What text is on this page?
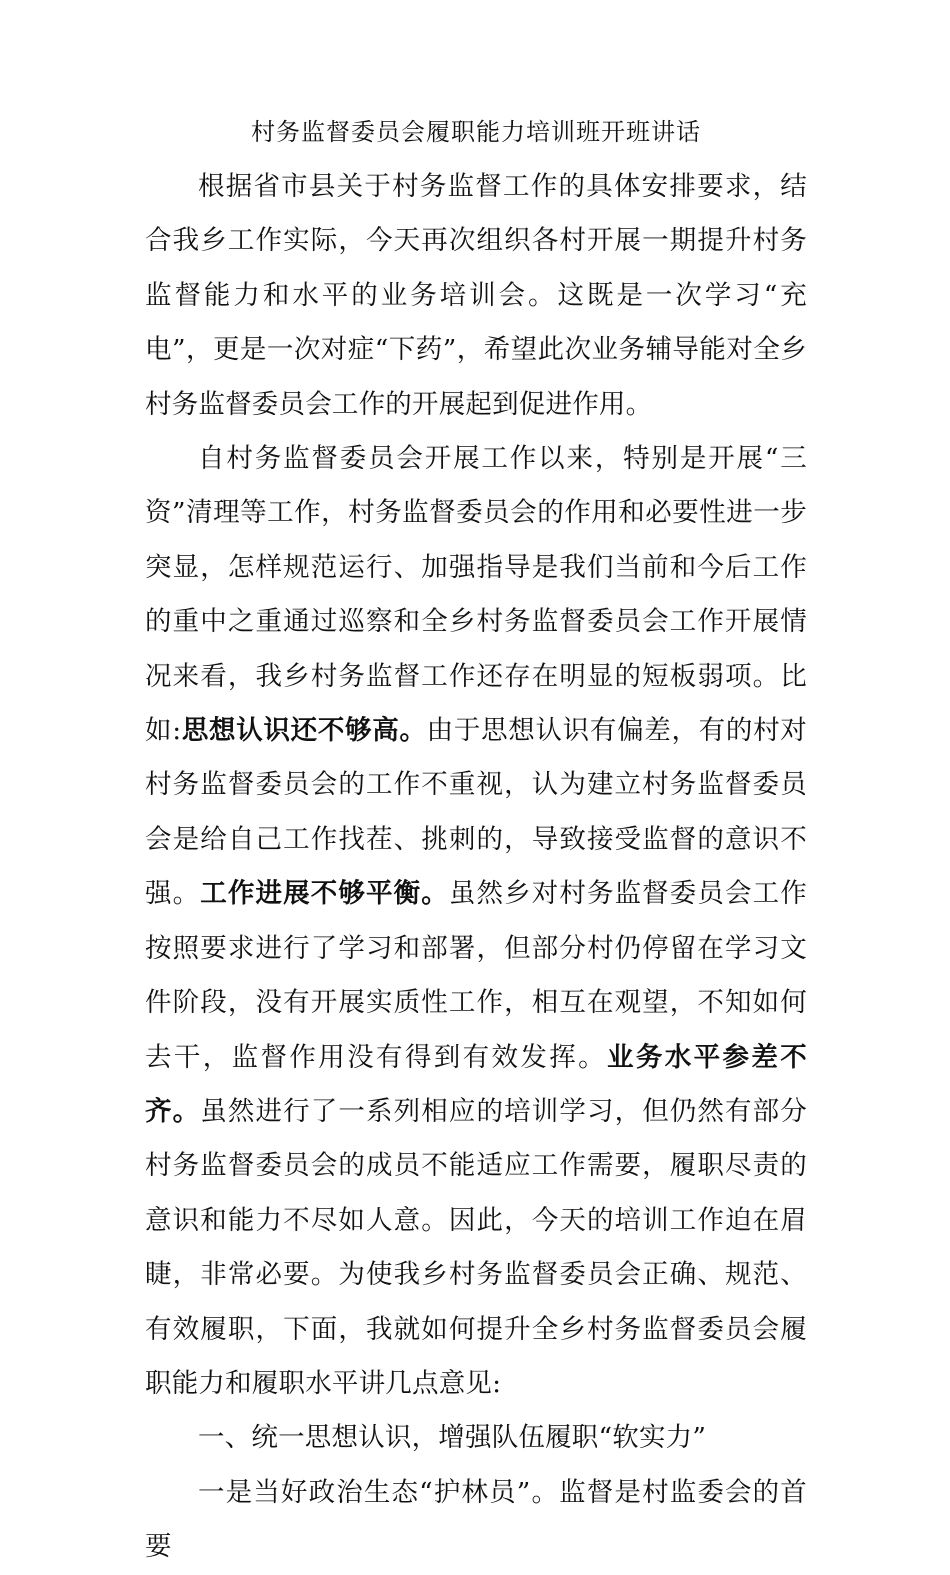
村务监督委员会履职能力培训班开班讲话

根据省市县关于村务监督工作的具体安排要求，结合我乡工作实际，今天再次组织各村开展一期提升村务监督能力和水平的业务培训会。这既是一次学习“充电”，更是一次对症“下药”，希望此次业务辅导能对全乡村务监督委员会工作的开展起到促进作用。

自村务监督委员会开展工作以来，特别是开展“三资”清理等工作，村务监督委员会的作用和必要性进一步突显，怎样规范运行、加强指导是我们当前和今后工作的重中之重通过巡察和全乡村务监督委员会工作开展情况来看，我乡村务监督工作还存在明显的短板弱项。比如:思想认识还不够高。由于思想认识有偏差，有的村对村务监督委员会的工作不重视，认为建立村务监督委员会是给自己工作找茬、挑刺的，导致接受监督的意识不强。工作进展不够平衡。虽然乡对村务监督委员会工作按照要求进行了学习和部署，但部分村仍停留在学习文件阶段，没有开展实质性工作，相互在观望，不知如何去干，监督作用没有得到有效发挥。业务水平参差不齐。虽然进行了一系列相应的培训学习，但仍然有部分村务监督委员会的成员不能适应工作需要，履职尽责的意识和能力不尽如人意。因此，今天的培训工作迫在眉睫，非常必要。为使我乡村务监督委员会正确、规范、有效履职，下面，我就如何提升全乡村务监督委员会履职能力和履职水平讲几点意见:

一、统一思想认识，增强队伍履职“软实力”

一是当好政治生态“护林员”。监督是村监委会的首要
